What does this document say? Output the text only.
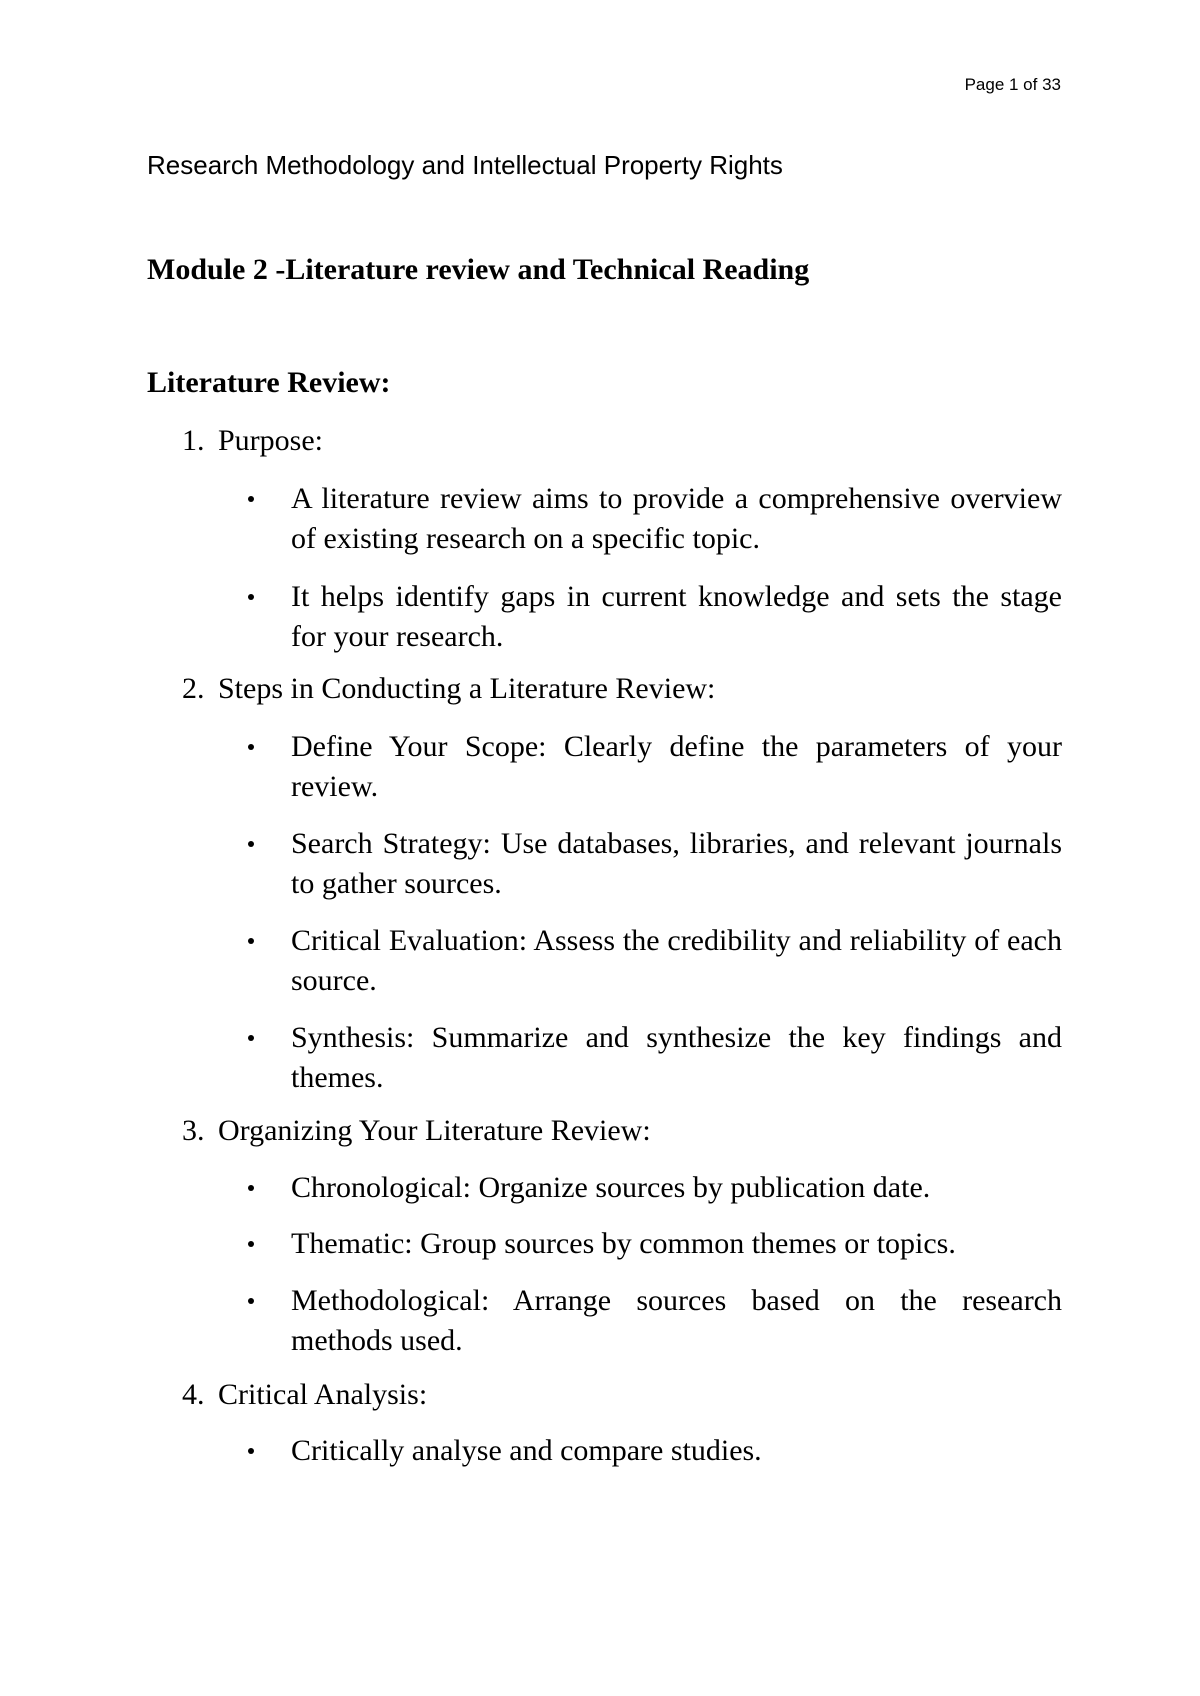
Page 1 of 33
Research Methodology and Intellectual Property Rights
Module 2 -Literature review and Technical Reading
Literature Review:
1. Purpose:
A literature review aims to provide a comprehensive overview of existing research on a specific topic.
It helps identify gaps in current knowledge and sets the stage for your research.
2. Steps in Conducting a Literature Review:
Define Your Scope: Clearly define the parameters of your review.
Search Strategy: Use databases, libraries, and relevant journals to gather sources.
Critical Evaluation: Assess the credibility and reliability of each source.
Synthesis: Summarize and synthesize the key findings and themes.
3. Organizing Your Literature Review:
Chronological: Organize sources by publication date.
Thematic: Group sources by common themes or topics.
Methodological: Arrange sources based on the research methods used.
4. Critical Analysis:
Critically analyse and compare studies.
